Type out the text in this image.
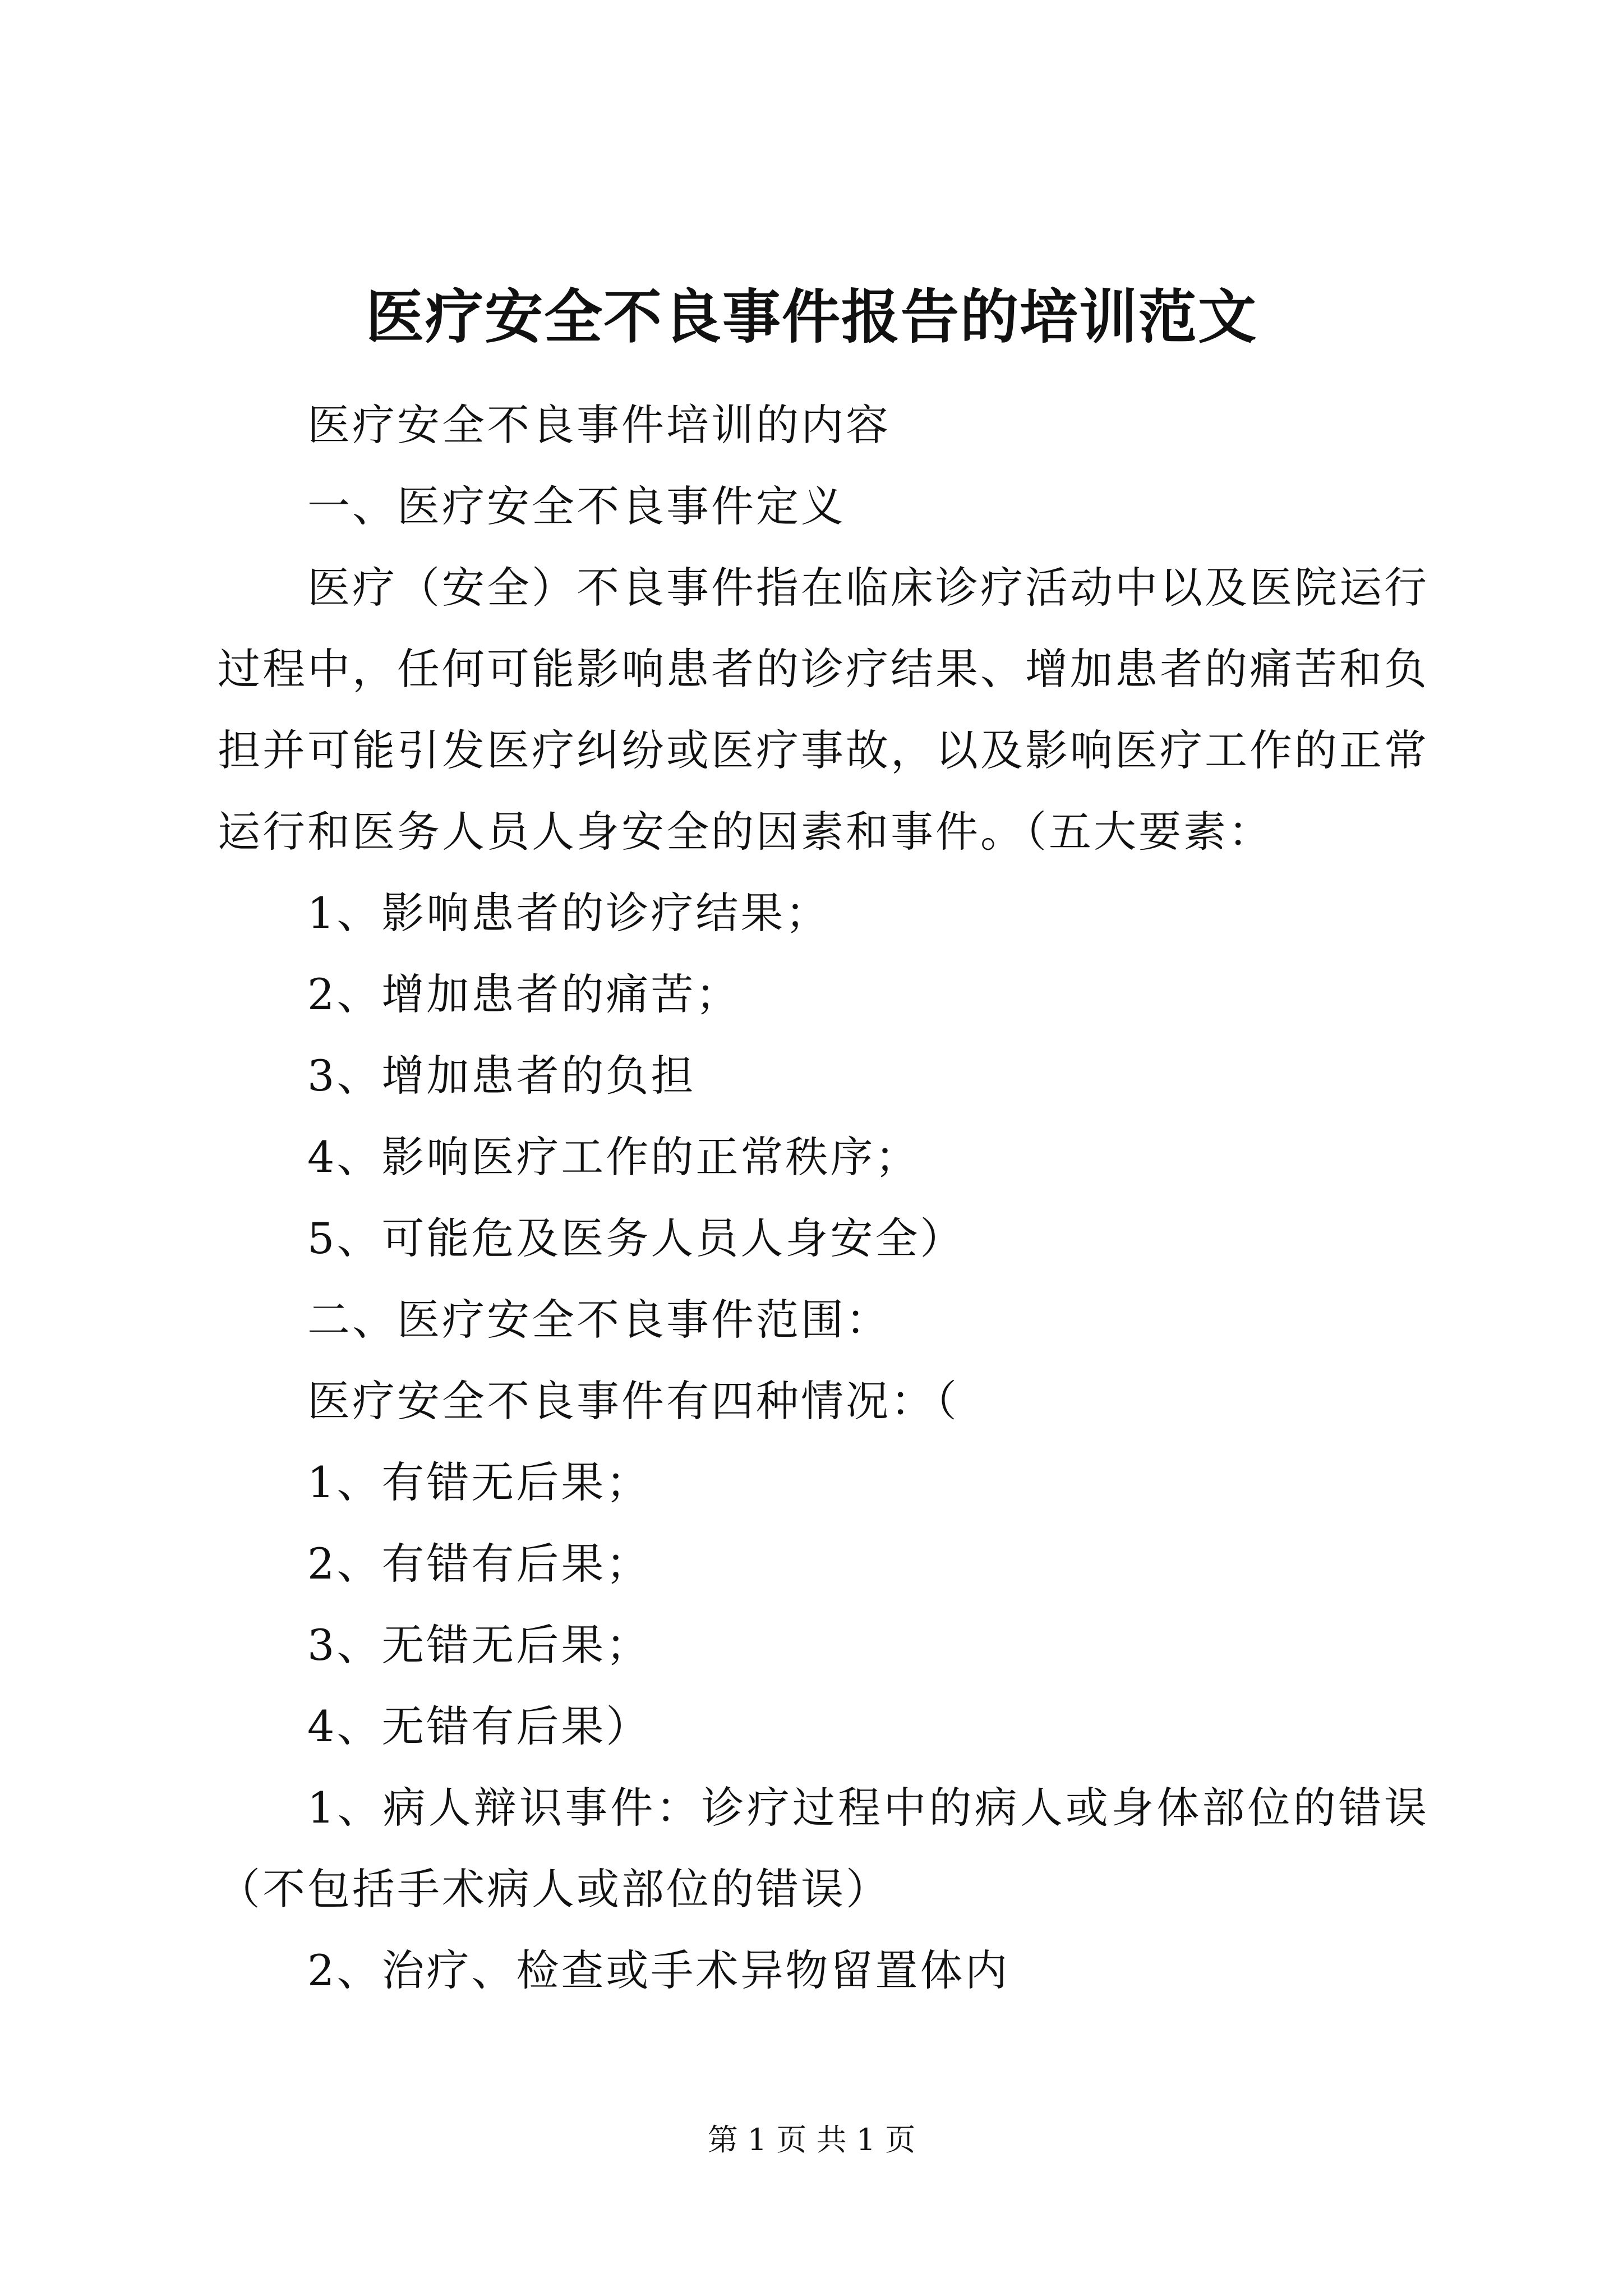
医疗安全不良事件报告的培训范文

医疗安全不良事件培训的内容

一、医疗安全不良事件定义

医疗（安全）不良事件指在临床诊疗活动中以及医院运行过程中，任何可能影响患者的诊疗结果、增加患者的痛苦和负担并可能引发医疗纠纷或医疗事故，以及影响医疗工作的正常运行和医务人员人身安全的因素和事件。（五大要素：

1、影响患者的诊疗结果；

2、增加患者的痛苦；

3、增加患者的负担

4、影响医疗工作的正常秩序；

5、可能危及医务人员人身安全）

二、医疗安全不良事件范围：

医疗安全不良事件有四种情况：（

1、有错无后果；

2、有错有后果；

3、无错无后果；

4、无错有后果）

1、病人辩识事件：诊疗过程中的病人或身体部位的错误（不包括手术病人或部位的错误）

2、治疗、检查或手术异物留置体内

第 1 页 共 1 页
